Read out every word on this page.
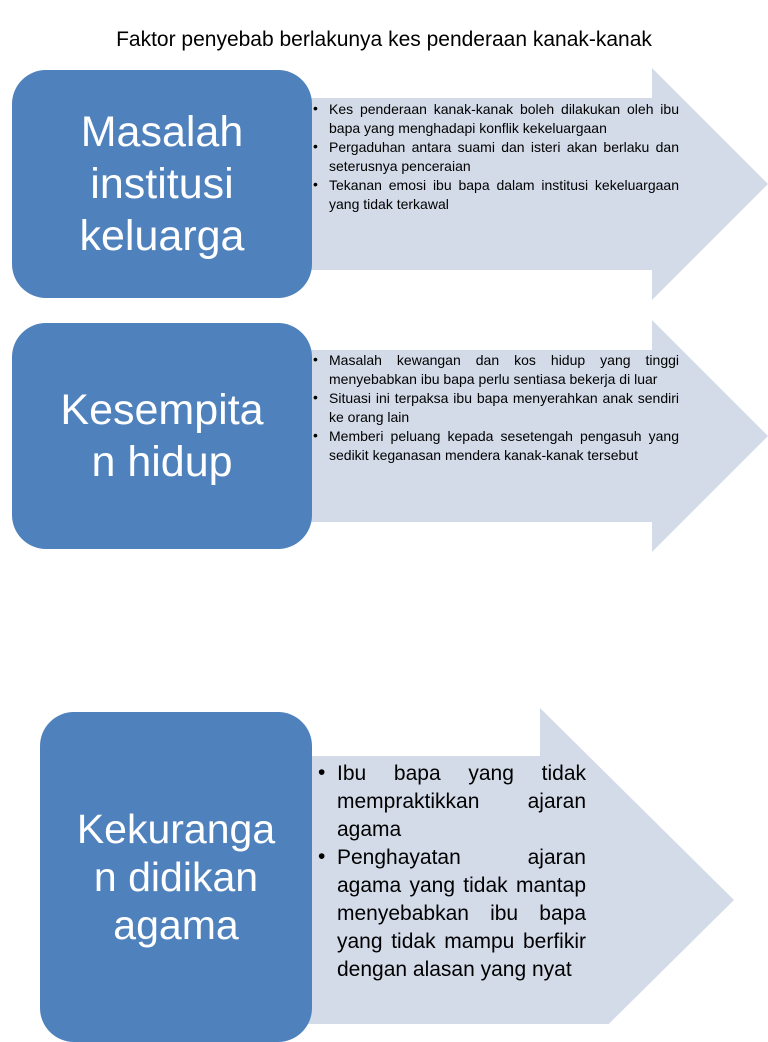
Faktor penyebab berlakunya kes penderaan kanak-kanak
Masalah
institusi
keluarga
• Kes penderaan kanak-kanak boleh dilakukan oleh ibu bapa yang menghadapi konflik kekeluargaan
• Pergaduhan antara suami dan isteri akan berlaku dan seterusnya penceraian
• Tekanan emosi ibu bapa dalam institusi kekeluargaan yang tidak terkawal
Kesempita
n hidup
• Masalah kewangan dan kos hidup yang tinggi menyebabkan ibu bapa perlu sentiasa bekerja di luar
• Situasi ini terpaksa ibu bapa menyerahkan anak sendiri ke orang lain
• Memberi peluang kepada sesetengah pengasuh yang sedikit keganasan mendera kanak-kanak tersebut
Kekuranga
n didikan
agama
• Ibu bapa yang tidak mempraktikkan ajaran agama
• Penghayatan ajaran agama yang tidak mantap menyebabkan ibu bapa yang tidak mampu berfikir dengan alasan yang nyat
